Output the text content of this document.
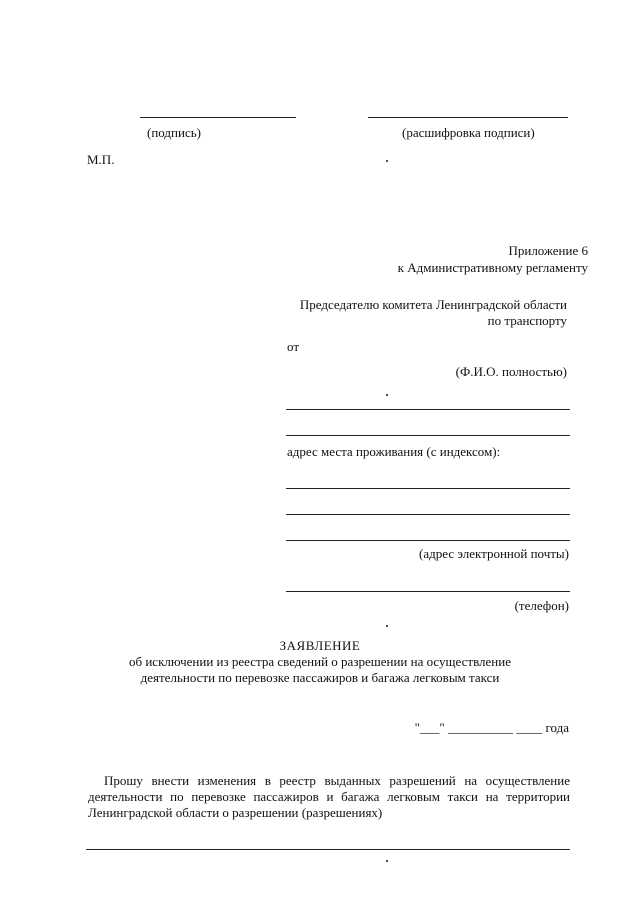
(подпись)	(расшифровка подписи)
М.П.
Приложение 6
к Административному регламенту
Председателю комитета Ленинградской области
по транспорту
от
(Ф.И.О. полностью)
адрес места проживания (с индексом):
(адрес электронной почты)
(телефон)
ЗАЯВЛЕНИЕ
об исключении из реестра сведений о разрешении на осуществление
деятельности по перевозке пассажиров и багажа легковым такси
"___" __________ ____ года
Прошу внести изменения в реестр выданных разрешений на осуществление
деятельности по перевозке пассажиров и багажа легковым такси на территории
Ленинградской области о разрешении (разрешениях)
